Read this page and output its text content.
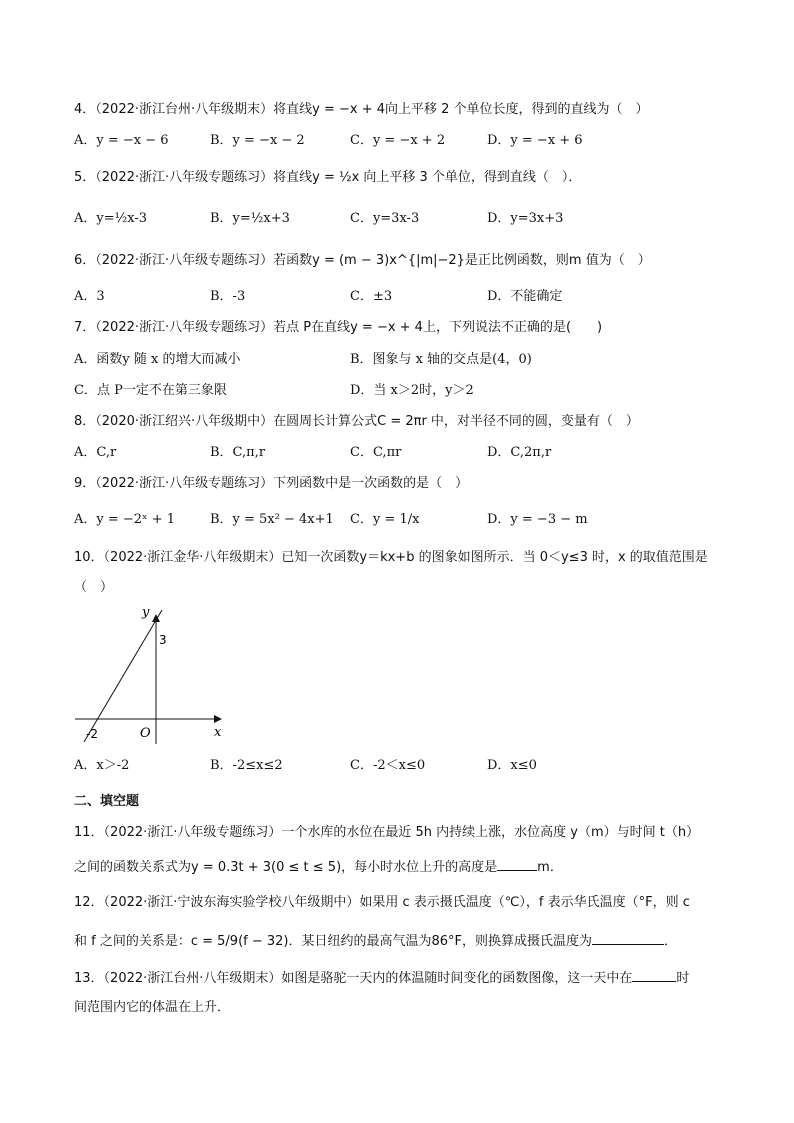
4．（2022·浙江台州·八年级期末）将直线y = −x + 4向上平移 2 个单位长度，得到的直线为（　）
A．y = −x − 6	B．y = −x − 2	C．y = −x + 2	D．y = −x + 6
5．（2022·浙江·八年级专题练习）将直线y = ½x 向上平移 3 个单位，得到直线（　）．
A．y=½x-3	B．y=½x+3	C．y=3x-3	D．y=3x+3
6．（2022·浙江·八年级专题练习）若函数y = (m − 3)x^{|m|−2}是正比例函数，则m 值为（　）
A．3	B．-3	C．±3	D．不能确定
7．（2022·浙江·八年级专题练习）若点 P在直线y = −x + 4上，下列说法不正确的是(　　)
A．函数y 随 x 的增大而减小	B．图象与 x 轴的交点是(4，0)
C．点 P一定不在第三象限	D．当 x＞2时，y＞2
8．（2020·浙江绍兴·八年级期中）在圆周长计算公式C = 2πr 中，对半径不同的圆，变量有（　）
A．C,r	B．C,π,r	C．C,πr	D．C,2π,r
9．（2022·浙江·八年级专题练习）下列函数中是一次函数的是（　）
A．y = −2ˣ + 1	B．y = 5x² − 4x+1 C．y = 1/x	D．y = −3 − m
10．（2022·浙江金华·八年级期末）已知一次函数y＝kx+b 的图象如图所示．当 0＜y≤3 时，x 的取值范围是
（　）
y
x
O
3
-2
A．x＞-2	B．-2≤x≤2	C．-2＜x≤0	D．x≤0
二、填空题
11．（2022·浙江·八年级专题练习）一个水库的水位在最近 5h 内持续上涨，水位高度 y（m）与时间 t（h）
之间的函数关系式为y = 0.3t + 3(0 ≤ t ≤ 5)，每小时水位上升的高度是	m．
12．（2022·浙江·宁波东海实验学校八年级期中）如果用 c 表示摄氏温度（℃），f 表示华氏温度（°F，则 c
和 f 之间的关系是：c = 5/9(f − 32)．某日纽约的最高气温为86°F，则换算成摄氏温度为	．
13．（2022·浙江台州·八年级期末）如图是骆驼一天内的体温随时间变化的函数图像，这一天中在	时
间范围内它的体温在上升．
